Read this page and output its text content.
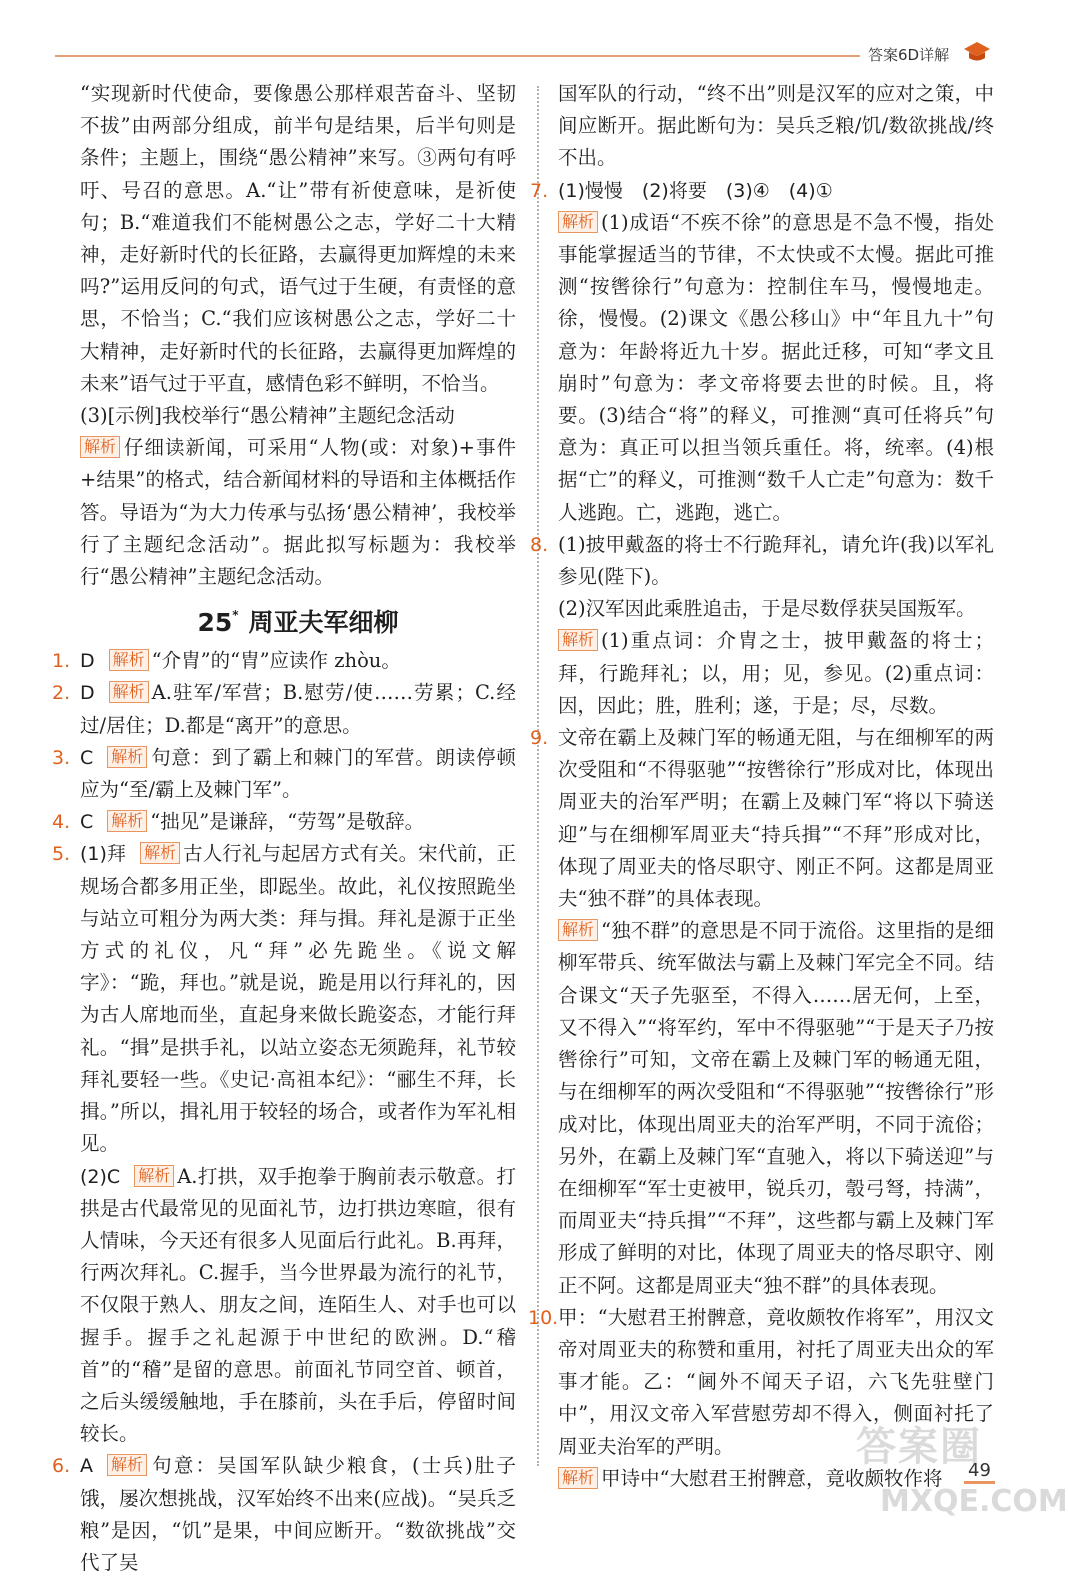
答案6D详解

“实现新时代使命，要像愚公那样艰苦奋斗、坚韧不拔”由两部分组成，前半句是结果，后半句则是条件；主题上，围绕“愚公精神”来写。③两句有呼吁、号召的意思。A.“让”带有祈使意味，是祈使句；B.“难道我们不能树愚公之志，学好二十大精神，走好新时代的长征路，去赢得更加辉煌的未来吗?”运用反问的句式，语气过于生硬，有责怪的意思，不恰当；C.“我们应该树愚公之志，学好二十大精神，走好新时代的长征路，去赢得更加辉煌的未来”语气过于平直，感情色彩不鲜明，不恰当。

(3)[示例]我校举行“愚公精神”主题纪念活动

解析 仔细读新闻，可采用“人物(或：对象)+事件+结果”的格式，结合新闻材料的导语和主体概括作答。导语为“为大力传承与弘扬‘愚公精神’，我校举行了主题纪念活动”。据此拟写标题为：我校举行“愚公精神”主题纪念活动。

25* 周亚夫军细柳

1. D 解析 “介胄”的“胄”应读作 zhòu。

2. D 解析 A.驻军/军营；B.慰劳/使……劳累；C.经过/居住；D.都是“离开”的意思。

3. C 解析 句意：到了霸上和棘门的军营。朗读停顿应为“至/霸上及棘门军”。

4. C 解析 “拙见”是谦辞，“劳驾”是敬辞。

5. (1)拜 解析 古人行礼与起居方式有关。宋代前，正规场合都多用正坐，即跽坐。故此，礼仪按照跪坐与站立可粗分为两大类：拜与揖。拜礼是源于正坐方式的礼仪，凡“拜”必先跪坐。《说文解字》：“跪，拜也。”就是说，跪是用以行拜礼的，因为古人席地而坐，直起身来做长跪姿态，才能行拜礼。“揖”是拱手礼，以站立姿态无须跪拜，礼节较拜礼要轻一些。《史记·高祖本纪》：“郦生不拜，长揖。”所以，揖礼用于较轻的场合，或者作为军礼相见。

(2)C 解析 A.打拱，双手抱拳于胸前表示敬意。打拱是古代最常见的见面礼节，边打拱边寒暄，很有人情味，今天还有很多人见面后行此礼。B.再拜，行两次拜礼。C.握手，当今世界最为流行的礼节，不仅限于熟人、朋友之间，连陌生人、对手也可以握手。握手之礼起源于中世纪的欧洲。D.“稽首”的“稽”是留的意思。前面礼节同空首、顿首，之后头缓缓触地，手在膝前，头在手后，停留时间较长。

6. A 解析 句意：吴国军队缺少粮食，(士兵)肚子饿，屡次想挑战，汉军始终不出来(应战)。“吴兵乏粮”是因，“饥”是果，中间应断开。“数欲挑战”交代了吴

国军队的行动，“终不出”则是汉军的应对之策，中间应断开。据此断句为：吴兵乏粮/饥/数欲挑战/终不出。

7. (1)慢慢　(2)将要　(3)④　(4)①

解析 (1)成语“不疾不徐”的意思是不急不慢，指处事能掌握适当的节律，不太快或不太慢。据此可推测“按辔徐行”句意为：控制住车马，慢慢地走。徐，慢慢。(2)课文《愚公移山》中“年且九十”句意为：年龄将近九十岁。据此迁移，可知“孝文且崩时”句意为：孝文帝将要去世的时候。且，将要。(3)结合“将”的释义，可推测“真可任将兵”句意为：真正可以担当领兵重任。将，统率。(4)根据“亡”的释义，可推测“数千人亡走”句意为：数千人逃跑。亡，逃跑，逃亡。

8. (1)披甲戴盔的将士不行跪拜礼，请允许(我)以军礼参见(陛下)。

(2)汉军因此乘胜追击，于是尽数俘获吴国叛军。

解析 (1)重点词：介胄之士，披甲戴盔的将士；拜，行跪拜礼；以，用；见，参见。(2)重点词：因，因此；胜，胜利；遂，于是；尽，尽数。

9. 文帝在霸上及棘门军的畅通无阻，与在细柳军的两次受阻和“不得驱驰”“按辔徐行”形成对比，体现出周亚夫的治军严明；在霸上及棘门军“将以下骑送迎”与在细柳军周亚夫“持兵揖”“不拜”形成对比，体现了周亚夫的恪尽职守、刚正不阿。这都是周亚夫“独不群”的具体表现。

解析 “独不群”的意思是不同于流俗。这里指的是细柳军带兵、统军做法与霸上及棘门军完全不同。结合课文“天子先驱至，不得入……居无何，上至，又不得入”“将军约，军中不得驱驰”“于是天子乃按辔徐行”可知，文帝在霸上及棘门军的畅通无阻，与在细柳军的两次受阻和“不得驱驰”“按辔徐行”形成对比，体现出周亚夫的治军严明，不同于流俗；另外，在霸上及棘门军“直驰入，将以下骑送迎”与在细柳军“军士吏被甲，锐兵刃，彀弓弩，持满”，而周亚夫“持兵揖”“不拜”，这些都与霸上及棘门军形成了鲜明的对比，体现了周亚夫的恪尽职守、刚正不阿。这都是周亚夫“独不群”的具体表现。

10. 甲：“大慰君王拊髀意，竟收颇牧作将军”，用汉文帝对周亚夫的称赞和重用，衬托了周亚夫出众的军事才能。乙：“阃外不闻天子诏，六飞先驻壁门中”，用汉文帝入军营慰劳却不得入，侧面衬托了周亚夫治军的严明。

解析 甲诗中“大慰君王拊髀意，竟收颇牧作将

答案圈
MXQE.COM
49
